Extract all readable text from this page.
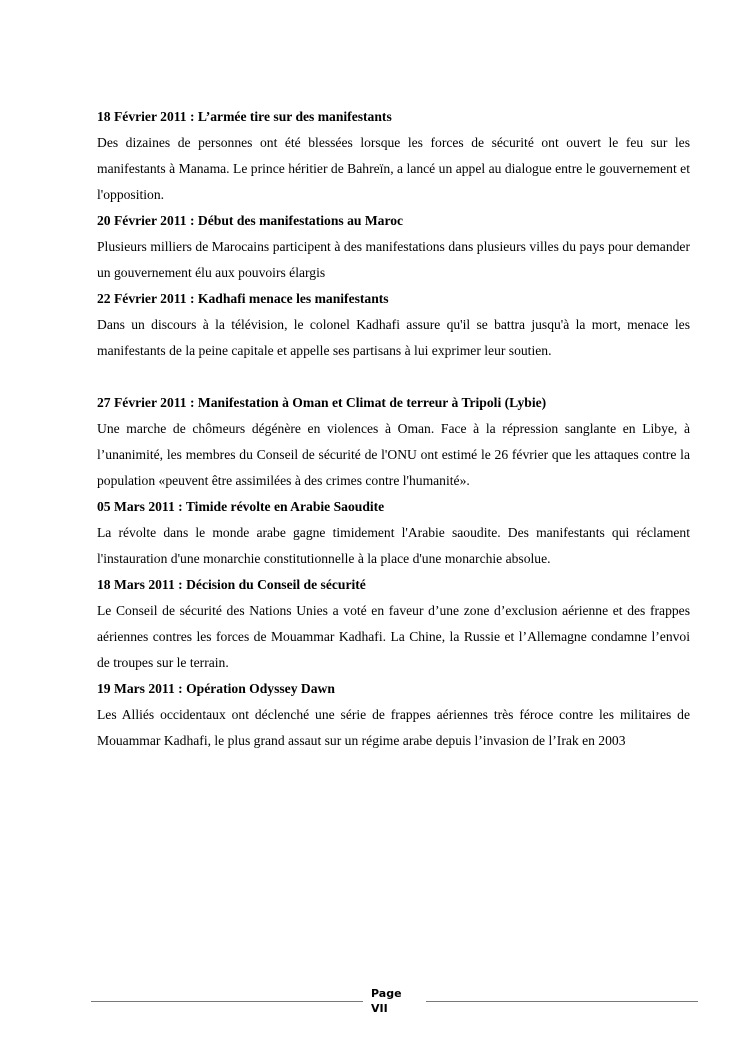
18 Février 2011 : L’armée tire sur des manifestants

Des dizaines de personnes ont été blessées lorsque les forces de sécurité ont ouvert le feu sur les manifestants à Manama. Le prince héritier de Bahreïn, a lancé un appel au dialogue entre le gouvernement et l'opposition.

20 Février 2011 : Début des manifestations au Maroc

Plusieurs milliers de Marocains participent à des manifestations dans plusieurs villes du pays pour demander un gouvernement élu aux pouvoirs élargis

22 Février 2011 : Kadhafi menace les manifestants

Dans un discours à la télévision, le colonel Kadhafi assure qu'il se battra jusqu'à la mort, menace les manifestants de la peine capitale et appelle ses partisans à lui exprimer leur soutien.

27 Février 2011 : Manifestation à Oman et Climat de terreur à Tripoli (Lybie)

Une marche de chômeurs dégénère en violences à Oman. Face à la répression sanglante en Libye, à l’unanimité, les membres du Conseil de sécurité de l'ONU ont estimé le 26 février que les attaques contre la population «peuvent être assimilées à des crimes contre l'humanité».

05 Mars 2011 : Timide révolte en Arabie Saoudite

La révolte dans le monde arabe gagne timidement l'Arabie saoudite. Des manifestants qui réclament l'instauration d'une monarchie constitutionnelle à la place d'une monarchie absolue.

18 Mars 2011 : Décision du Conseil de sécurité

Le Conseil de sécurité des Nations Unies a voté en faveur d’une zone d’exclusion aérienne et des frappes aériennes contres les forces de Mouammar Kadhafi. La Chine, la Russie et l’Allemagne condamne l’envoi de troupes sur le terrain.

19 Mars 2011 : Opération Odyssey Dawn

Les Alliés occidentaux ont déclenché une série de frappes aériennes très féroce contre les militaires de Mouammar Kadhafi, le plus grand assaut sur un régime arabe depuis l’invasion de l’Irak en 2003

Page
VII
